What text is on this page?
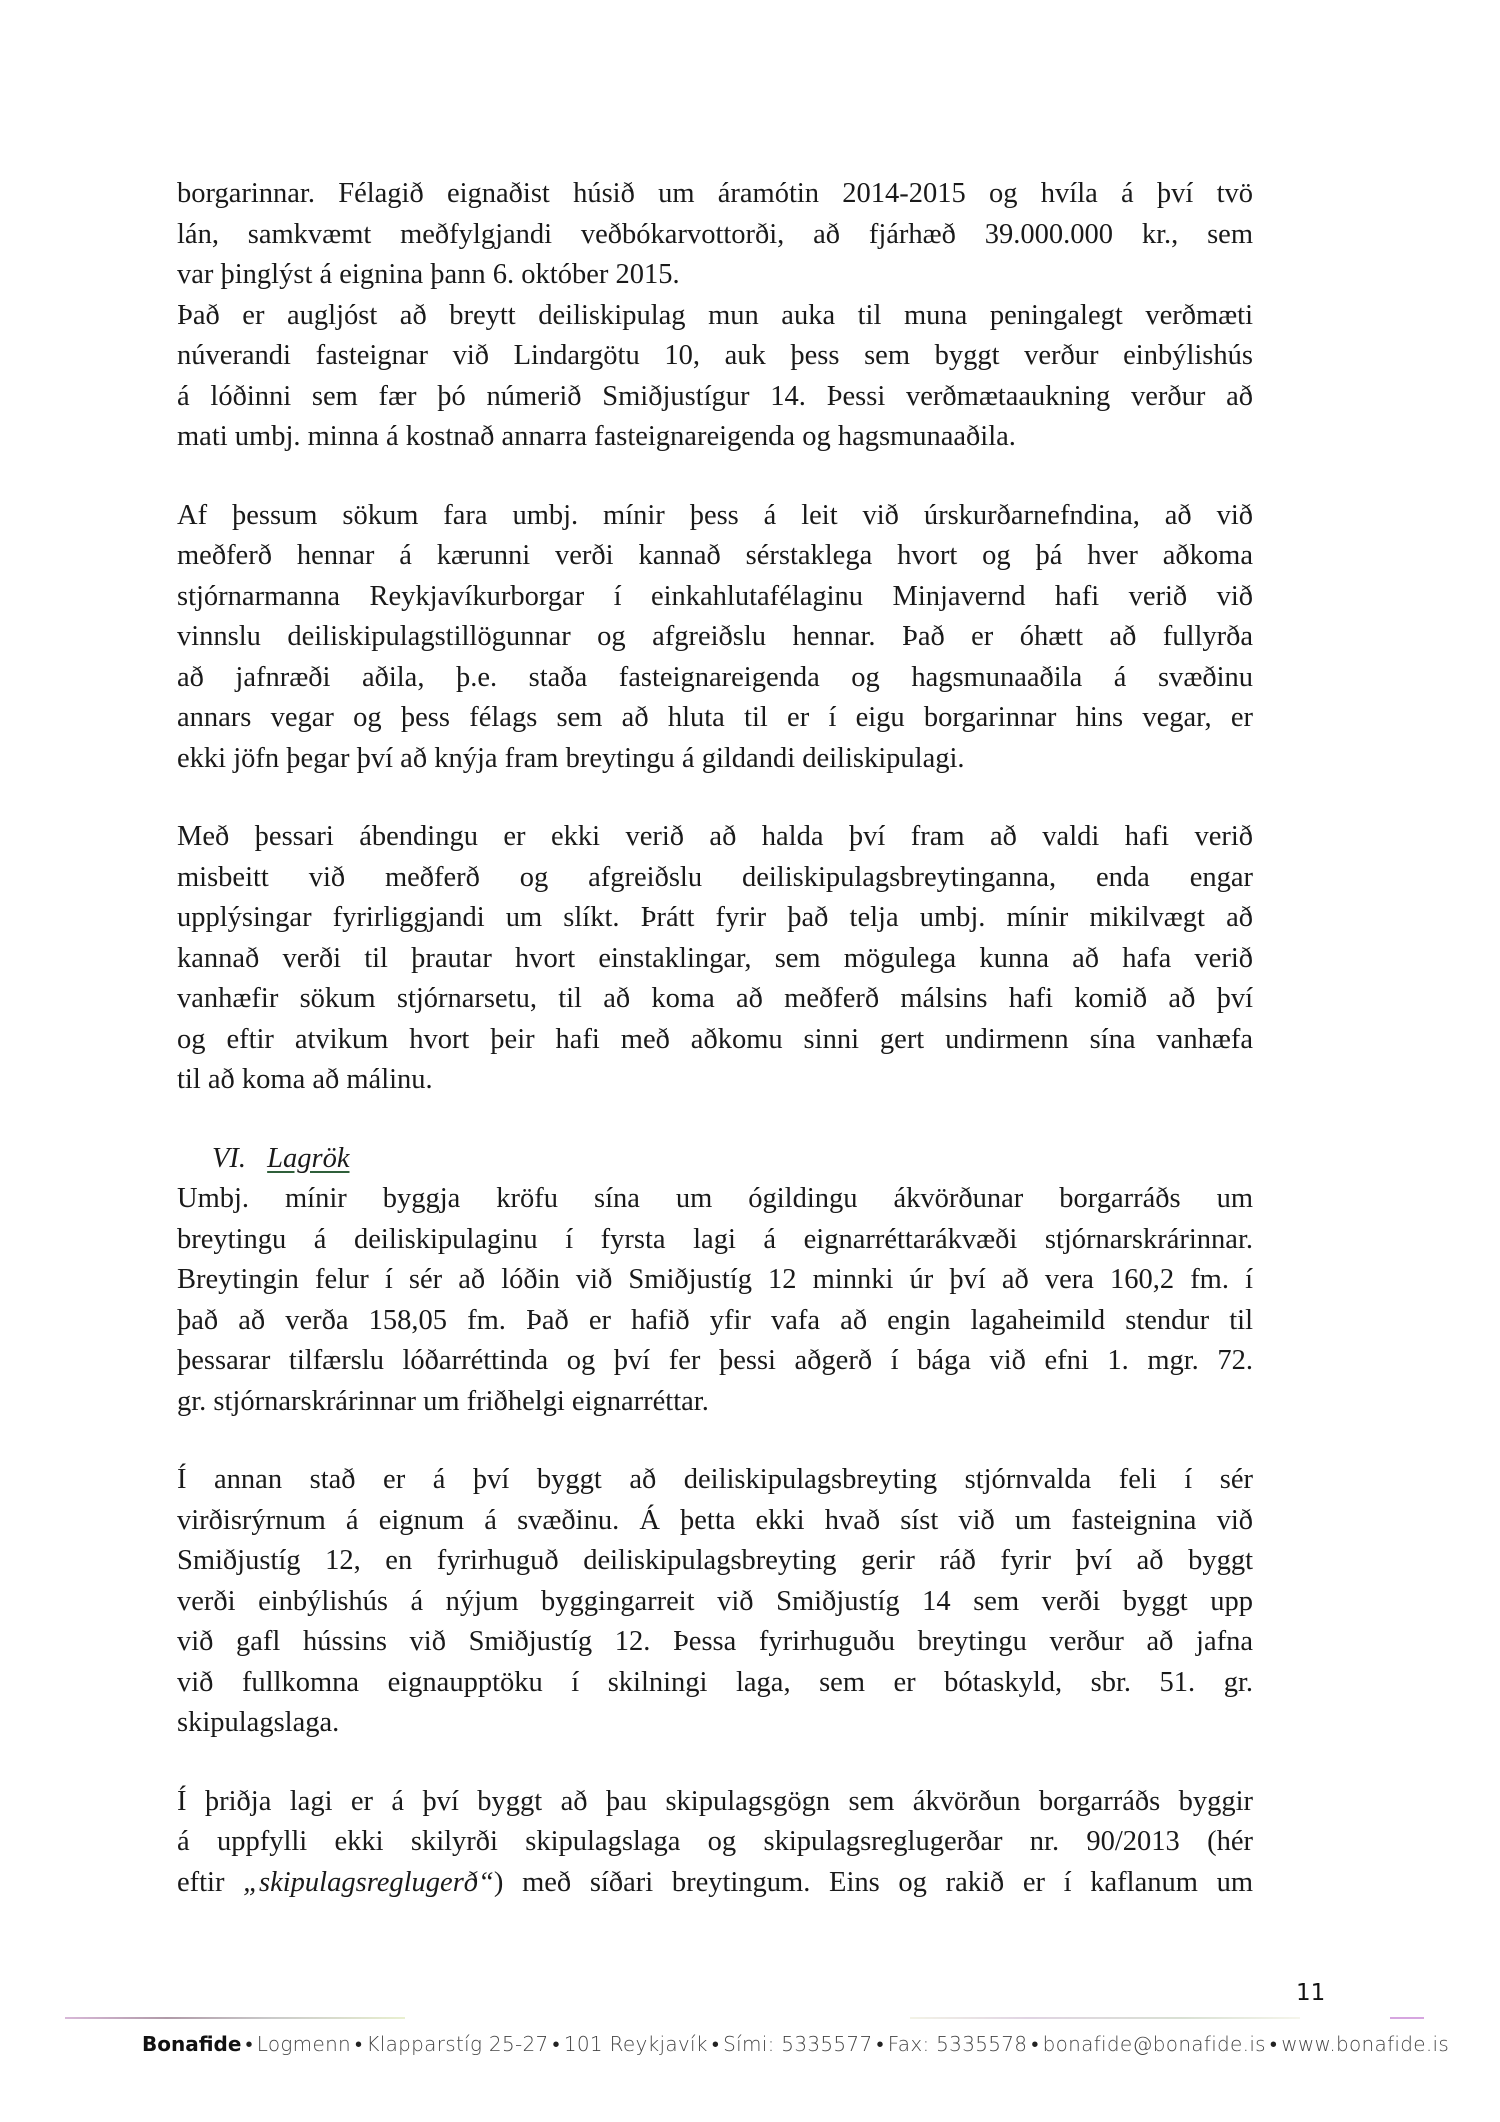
borgarinnar. Félagið eignaðist húsið um áramótin 2014-2015 og hvíla á því tvö
lán, samkvæmt meðfylgjandi veðbókarvottorði, að fjárhæð 39.000.000 kr., sem
var þinglýst á eignina þann 6. október 2015.
Það er augljóst að breytt deiliskipulag mun auka til muna peningalegt verðmæti
núverandi fasteignar við Lindargötu 10, auk þess sem byggt verður einbýlishús
á lóðinni sem fær þó númerið Smiðjustígur 14. Þessi verðmætaaukning verður að
mati umbj. minna á kostnað annarra fasteignareigenda og hagsmunaaðila.
Af þessum sökum fara umbj. mínir þess á leit við úrskurðarnefndina, að við
meðferð hennar á kærunni verði kannað sérstaklega hvort og þá hver aðkoma
stjórnarmanna Reykjavíkurborgar í einkahlutafélaginu Minjavernd hafi verið við
vinnslu deiliskipulagstillögunnar og afgreiðslu hennar. Það er óhætt að fullyrða
að jafnræði aðila, þ.e. staða fasteignareigenda og hagsmunaaðila á svæðinu
annars vegar og þess félags sem að hluta til er í eigu borgarinnar hins vegar, er
ekki jöfn þegar því að knýja fram breytingu á gildandi deiliskipulagi.
Með þessari ábendingu er ekki verið að halda því fram að valdi hafi verið
misbeitt við meðferð og afgreiðslu deiliskipulagsbreytinganna, enda engar
upplýsingar fyrirliggjandi um slíkt. Þrátt fyrir það telja umbj. mínir mikilvægt að
kannað verði til þrautar hvort einstaklingar, sem mögulega kunna að hafa verið
vanhæfir sökum stjórnarsetu, til að koma að meðferð málsins hafi komið að því
og eftir atvikum hvort þeir hafi með aðkomu sinni gert undirmenn sína vanhæfa
til að koma að málinu.
VI. Lagrök
Umbj. mínir byggja kröfu sína um ógildingu ákvörðunar borgarráðs um
breytingu á deiliskipulaginu í fyrsta lagi á eignarréttarákvæði stjórnarskrárinnar.
Breytingin felur í sér að lóðin við Smiðjustíg 12 minnki úr því að vera 160,2 fm. í
það að verða 158,05 fm. Það er hafið yfir vafa að engin lagaheimild stendur til
þessarar tilfærslu lóðarréttinda og því fer þessi aðgerð í bága við efni 1. mgr. 72.
gr. stjórnarskrárinnar um friðhelgi eignarréttar.
Í annan stað er á því byggt að deiliskipulagsbreyting stjórnvalda feli í sér
virðisrýrnum á eignum á svæðinu. Á þetta ekki hvað síst við um fasteignina við
Smiðjustíg 12, en fyrirhuguð deiliskipulagsbreyting gerir ráð fyrir því að byggt
verði einbýlishús á nýjum byggingarreit við Smiðjustíg 14 sem verði byggt upp
við gafl hússins við Smiðjustíg 12. Þessa fyrirhuguðu breytingu verður að jafna
við fullkomna eignaupptöku í skilningi laga, sem er bótaskyld, sbr. 51. gr.
skipulagslaga.
Í þriðja lagi er á því byggt að þau skipulagsgögn sem ákvörðun borgarráðs byggir
á uppfylli ekki skilyrði skipulagslaga og skipulagsreglugerðar nr. 90/2013 (hér
eftir „skipulagsreglugerð“) með síðari breytingum. Eins og rakið er í kaflanum um
11
Bonafide • Logmenn • Klapparstíg 25-27 • 101 Reykjavík • Sími: 5335577 • Fax: 5335578 • bonafide@bonafide.is • www.bonafide.is
